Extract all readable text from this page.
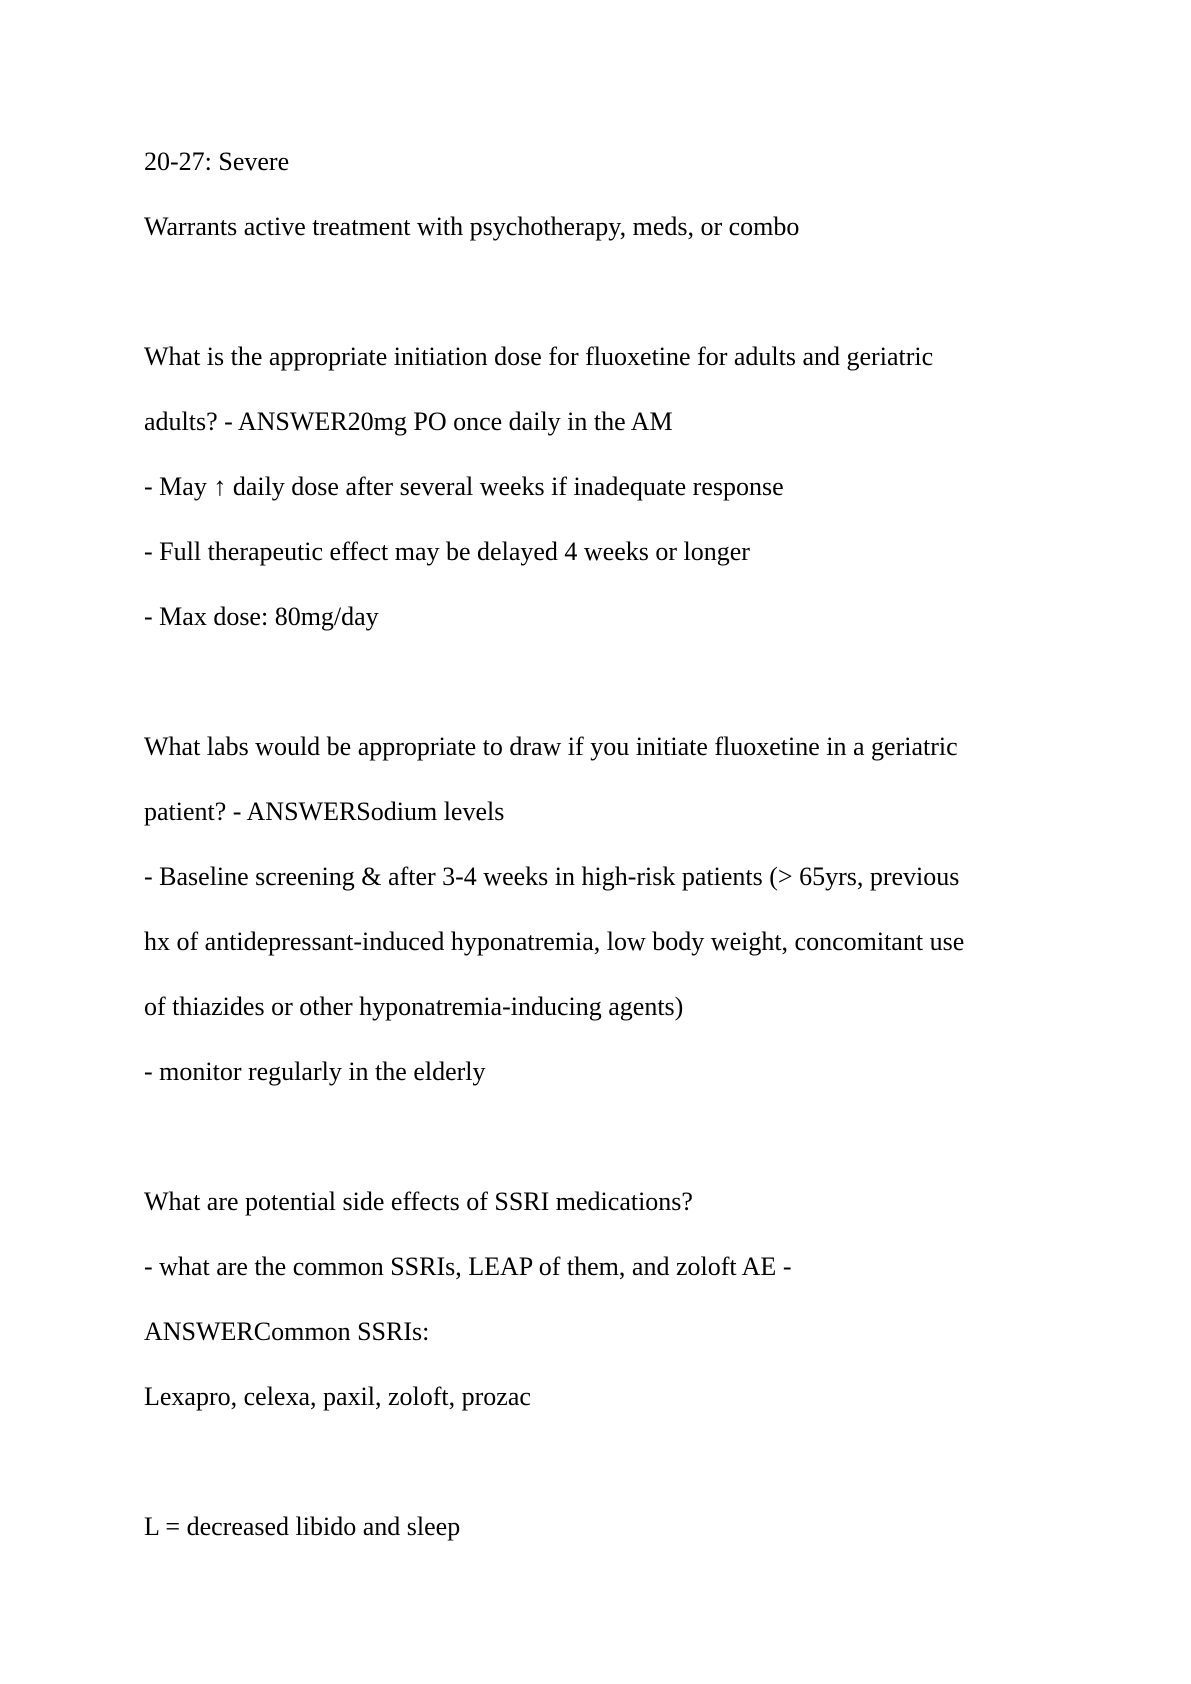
20-27: Severe
Warrants active treatment with psychotherapy, meds, or combo
What is the appropriate initiation dose for fluoxetine for adults and geriatric
adults? - ANSWER20mg PO once daily in the AM
- May ↑ daily dose after several weeks if inadequate response
- Full therapeutic effect may be delayed 4 weeks or longer
- Max dose: 80mg/day
What labs would be appropriate to draw if you initiate fluoxetine in a geriatric
patient? - ANSWERSodium levels
- Baseline screening & after 3-4 weeks in high-risk patients (> 65yrs, previous
hx of antidepressant-induced hyponatremia, low body weight, concomitant use
of thiazides or other hyponatremia-inducing agents)
- monitor regularly in the elderly
What are potential side effects of SSRI medications?
- what are the common SSRIs, LEAP of them, and zoloft AE -
ANSWERCommon SSRIs:
Lexapro, celexa, paxil, zoloft, prozac
L = decreased libido and sleep
